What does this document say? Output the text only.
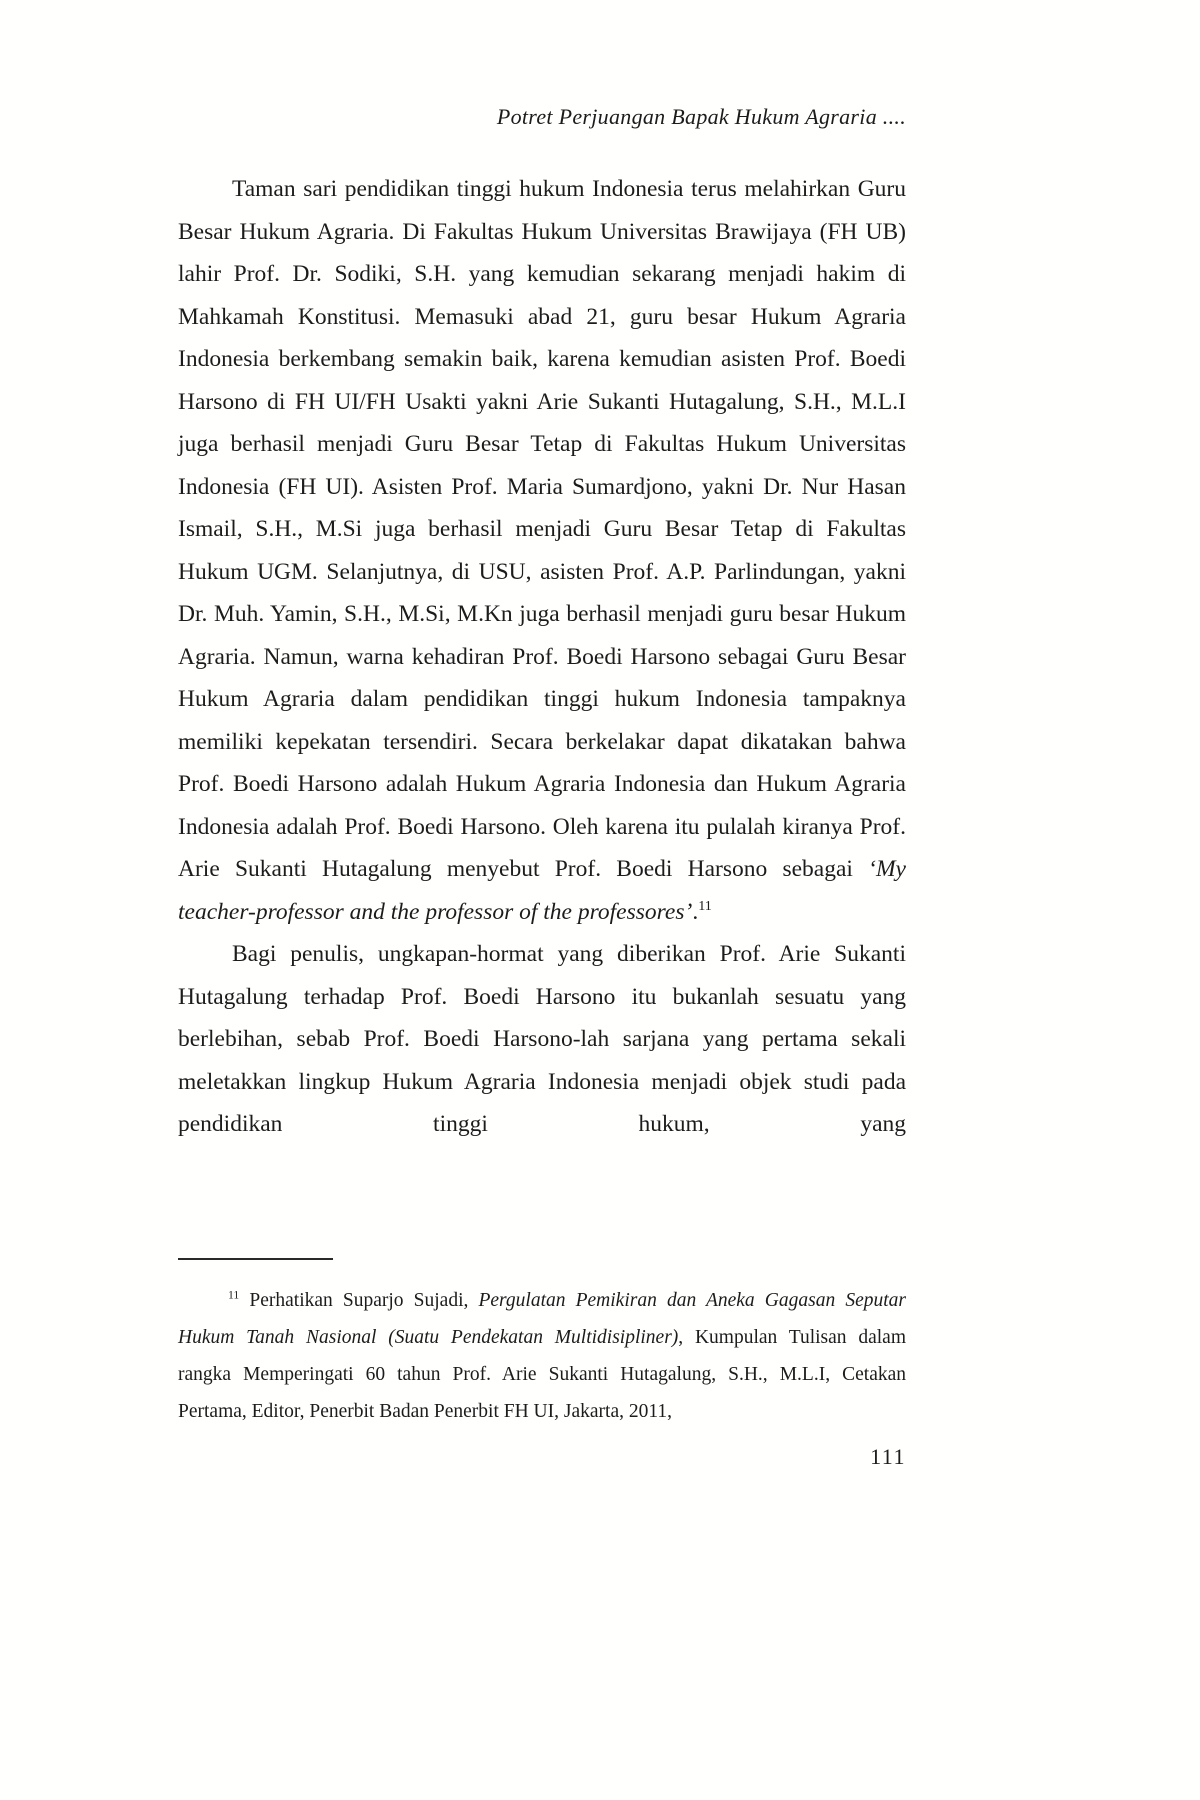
Potret Perjuangan Bapak Hukum Agraria ....

Taman sari pendidikan tinggi hukum Indonesia terus melahirkan Guru Besar Hukum Agraria. Di Fakultas Hukum Universitas Brawijaya (FH UB) lahir Prof. Dr. Sodiki, S.H. yang kemudian sekarang menjadi hakim di Mahkamah Konstitusi. Memasuki abad 21, guru besar Hukum Agraria Indonesia berkembang semakin baik, karena kemudian asisten Prof. Boedi Harsono di FH UI/FH Usakti yakni Arie Sukanti Hutagalung, S.H., M.L.I juga berhasil menjadi Guru Besar Tetap di Fakultas Hukum Universitas Indonesia (FH UI). Asisten Prof. Maria Sumardjono, yakni Dr. Nur Hasan Ismail, S.H., M.Si juga berhasil menjadi Guru Besar Tetap di Fakultas Hukum UGM. Selanjutnya, di USU, asisten Prof. A.P. Parlindungan, yakni Dr. Muh. Yamin, S.H., M.Si, M.Kn juga berhasil menjadi guru besar Hukum Agraria. Namun, warna kehadiran Prof. Boedi Harsono sebagai Guru Besar Hukum Agraria dalam pendidikan tinggi hukum Indonesia tampaknya memiliki kepekatan tersendiri. Secara berkelakar dapat dikatakan bahwa Prof. Boedi Harsono adalah Hukum Agraria Indonesia dan Hukum Agraria Indonesia adalah Prof. Boedi Harsono. Oleh karena itu pulalah kiranya Prof. Arie Sukanti Hutagalung menyebut Prof. Boedi Harsono sebagai ‘My teacher-professor and the professor of the professores’.$^{11}$

Bagi penulis, ungkapan-hormat yang diberikan Prof. Arie Sukanti Hutagalung terhadap Prof. Boedi Harsono itu bukanlah sesuatu yang berlebihan, sebab Prof. Boedi Harsono-lah sarjana yang pertama sekali meletakkan lingkup Hukum Agraria Indonesia menjadi objek studi pada pendidikan tinggi hukum, yang

$^{11}$ Perhatikan Suparjo Sujadi, Pergulatan Pemikiran dan Aneka Gagasan Seputar Hukum Tanah Nasional (Suatu Pendekatan Multidisipliner), Kumpulan Tulisan dalam rangka Memperingati 60 tahun Prof. Arie Sukanti Hutagalung, S.H., M.L.I, Cetakan Pertama, Editor, Penerbit Badan Penerbit FH UI, Jakarta, 2011,

111
